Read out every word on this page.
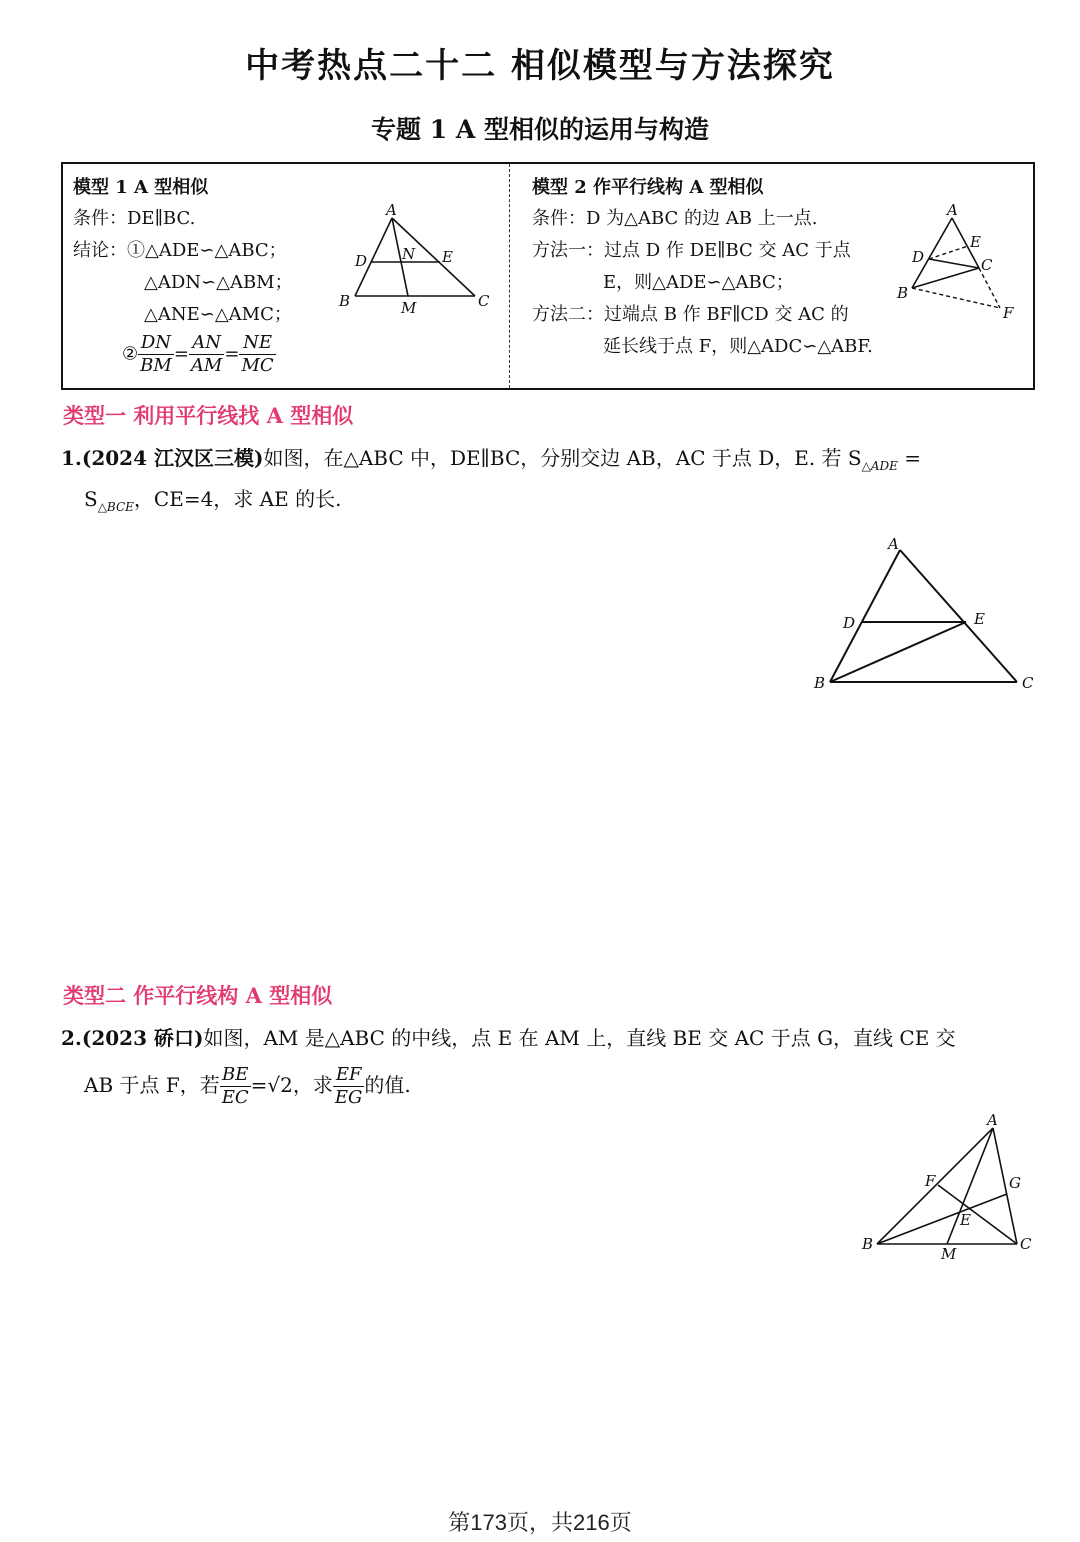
中考热点二十二 相似模型与方法探究
专题 1 A 型相似的运用与构造
模型 1 A 型相似
条件：DE∥BC.
结论：①△ADE∽△ABC；
△ADN∽△ABM；
△ANE∽△AMC；
② $\frac{DN}{BM} = \frac{AN}{AM} = \frac{NE}{MC}$
A
D N E
B	M	C
模型 2 作平行线构 A 型相似
条件：D 为△ABC 的边 AB 上一点.
方法一：过点 D 作 DE∥BC 交 AC 于点
E，则△ADE∽△ABC；
方法二：过端点 B 作 BF∥CD 交 AC 的
延长线于点 F，则△ADC∽△ABF.
A
E
D	C
B
F
类型一 利用平行线找 A 型相似
1.(2024 江汉区三模)如图，在△ABC 中，DE∥BC，分别交边 AB，AC 于点 D，E. 若 $S_{\triangle ADE}$ =
$S_{\triangle BCE}$，CE=4，求 AE 的长.
A
D	E
B	C
类型二 作平行线构 A 型相似
2.(2023 硚口)如图，AM 是△ABC 的中线，点 E 在 AM 上，直线 BE 交 AC 于点 G，直线 CE 交
AB 于点 F，若 $\frac{BE}{EC} =√2$，求 $\frac{EF}{EG}$ 的值.
A
F	G
E
B
M
C
第173页，共216页
